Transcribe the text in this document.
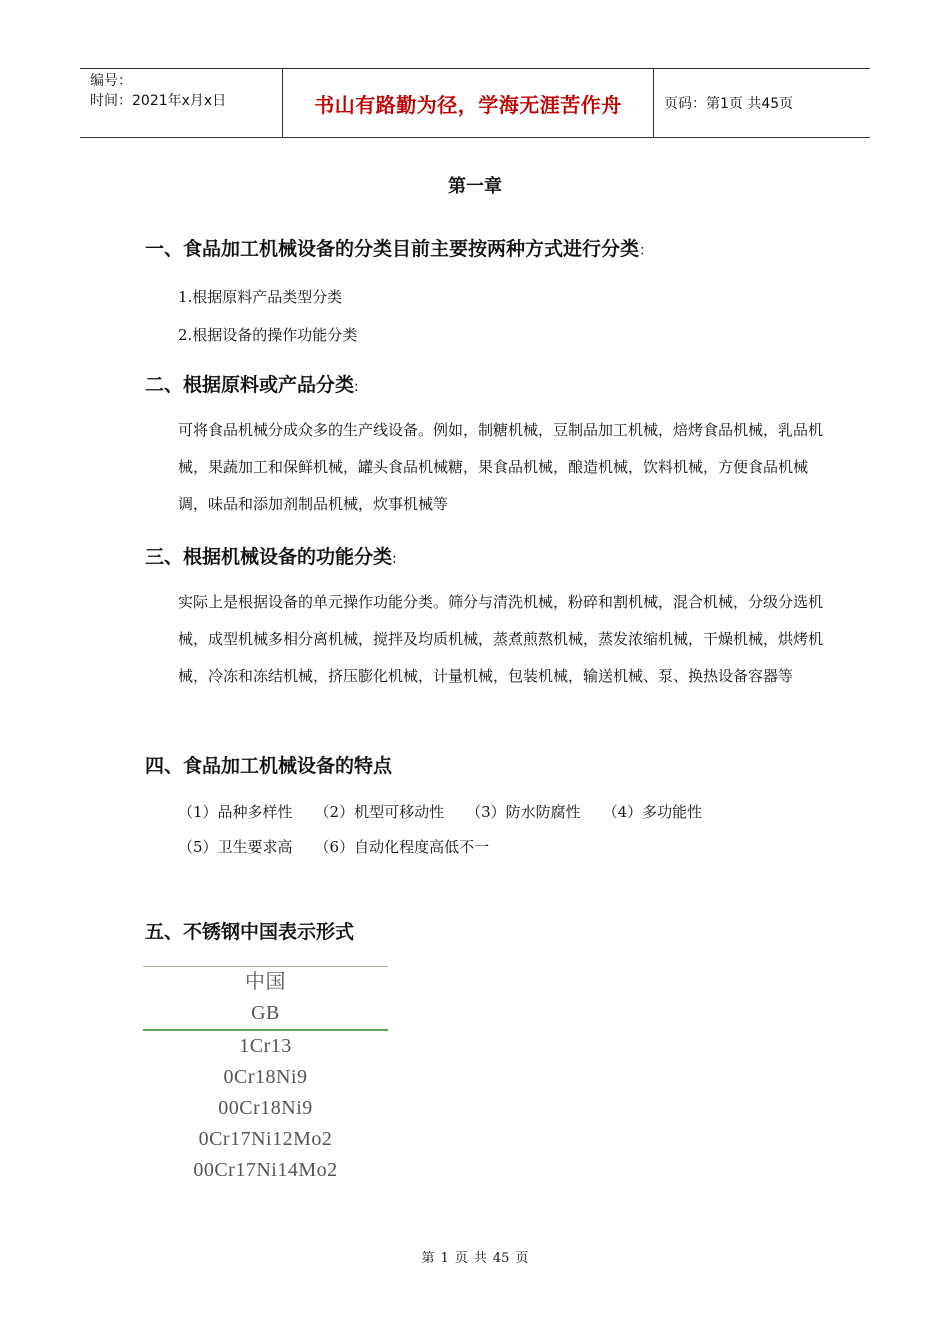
编号：
时间：2021年x月x日	书山有路勤为径，学海无涯苦作舟	页码：第1页 共45页
第一章
一、食品加工机械设备的分类目前主要按两种方式进行分类：
1.根据原料产品类型分类
2.根据设备的操作功能分类
二、根据原料或产品分类:
可将食品机械分成众多的生产线设备。例如，制糖机械，豆制品加工机械，焙烤食品机械，乳品机械，果蔬加工和保鲜机械，罐头食品机械糖，果食品机械，酿造机械，饮料机械，方便食品机械调，味品和添加剂制品机械，炊事机械等
三、根据机械设备的功能分类:
实际上是根据设备的单元操作功能分类。筛分与清洗机械，粉碎和割机械，混合机械，分级分选机械，成型机械多相分离机械，搅拌及均质机械，蒸煮煎熬机械，蒸发浓缩机械，干燥机械，烘烤机械，冷冻和冻结机械，挤压膨化机械，计量机械，包装机械，输送机械、泵、换热设备容器等
四、食品加工机械设备的特点
（1）品种多样性 （2）机型可移动性 （3）防水防腐性 （4）多功能性
（5）卫生要求高 （6）自动化程度高低不一
五、不锈钢中国表示形式
中国
GB
1Cr13
0Cr18Ni9
00Cr18Ni9
0Cr17Ni12Mo2
00Cr17Ni14Mo2
第 1 页 共 45 页
